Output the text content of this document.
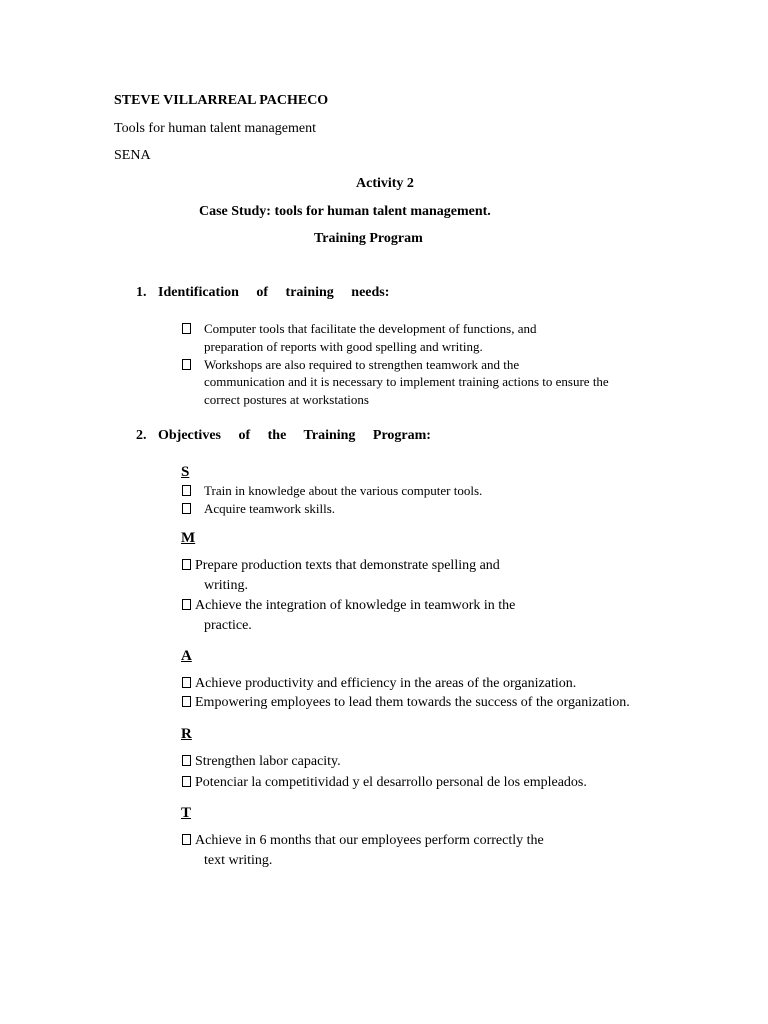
STEVE VILLARREAL PACHECO
Tools for human talent management
SENA
Activity 2
Case Study: tools for human talent management.
Training Program
1. Identification of training needs:
Computer tools that facilitate the development of functions, and
preparation of reports with good spelling and writing.
Workshops are also required to strengthen teamwork and the
communication and it is necessary to implement training actions to ensure the
correct postures at workstations
2. Objectives of the Training Program:
S
Train in knowledge about the various computer tools.
Acquire teamwork skills.
M
Prepare production texts that demonstrate spelling and
writing.
Achieve the integration of knowledge in teamwork in the
practice.
A
Achieve productivity and efficiency in the areas of the organization.
Empowering employees to lead them towards the success of the organization.
R
Strengthen labor capacity.
Potenciar la competitividad y el desarrollo personal de los empleados.
T
Achieve in 6 months that our employees perform correctly the
text writing.
